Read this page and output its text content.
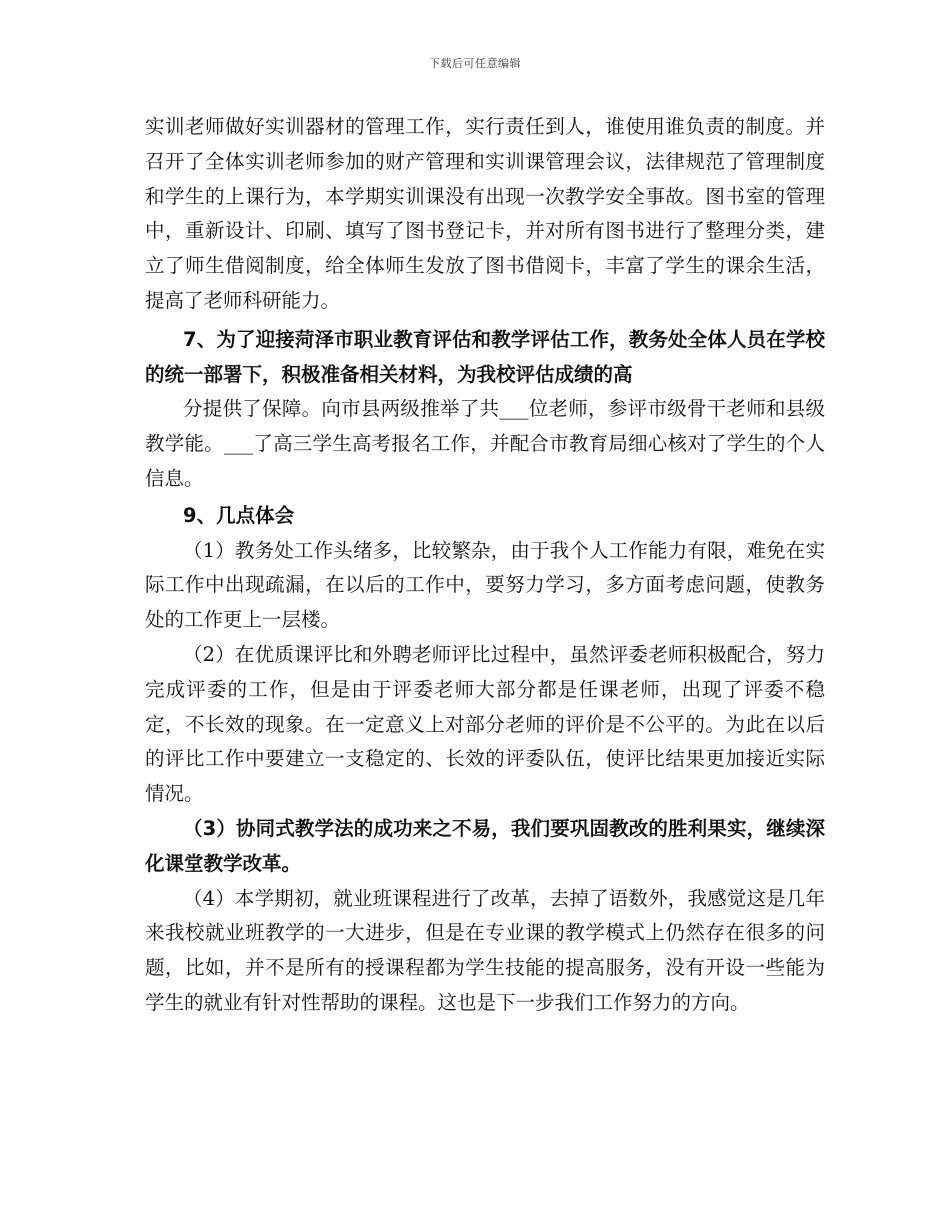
下载后可任意编辑

实训老师做好实训器材的管理工作，实行责任到人，谁使用谁负责的制度。并召开了全体实训老师参加的财产管理和实训课管理会议，法律规范了管理制度和学生的上课行为，本学期实训课没有出现一次教学安全事故。图书室的管理中，重新设计、印刷、填写了图书登记卡，并对所有图书进行了整理分类，建立了师生借阅制度，给全体师生发放了图书借阅卡，丰富了学生的课余生活，提高了老师科研能力。

7、为了迎接菏泽市职业教育评估和教学评估工作，教务处全体人员在学校的统一部署下，积极准备相关材料，为我校评估成绩的高

分提供了保障。向市县两级推举了共___位老师，参评市级骨干老师和县级教学能。___了高三学生高考报名工作，并配合市教育局细心核对了学生的个人信息。

9、几点体会

（1）教务处工作头绪多，比较繁杂，由于我个人工作能力有限，难免在实际工作中出现疏漏，在以后的工作中，要努力学习，多方面考虑问题，使教务处的工作更上一层楼。

（2）在优质课评比和外聘老师评比过程中，虽然评委老师积极配合，努力完成评委的工作，但是由于评委老师大部分都是任课老师，出现了评委不稳定，不长效的现象。在一定意义上对部分老师的评价是不公平的。为此在以后的评比工作中要建立一支稳定的、长效的评委队伍，使评比结果更加接近实际情况。

（3）协同式教学法的成功来之不易，我们要巩固教改的胜利果实，继续深化课堂教学改革。

（4）本学期初，就业班课程进行了改革，去掉了语数外，我感觉这是几年来我校就业班教学的一大进步，但是在专业课的教学模式上仍然存在很多的问题，比如，并不是所有的授课程都为学生技能的提高服务，没有开设一些能为学生的就业有针对性帮助的课程。这也是下一步我们工作努力的方向。
